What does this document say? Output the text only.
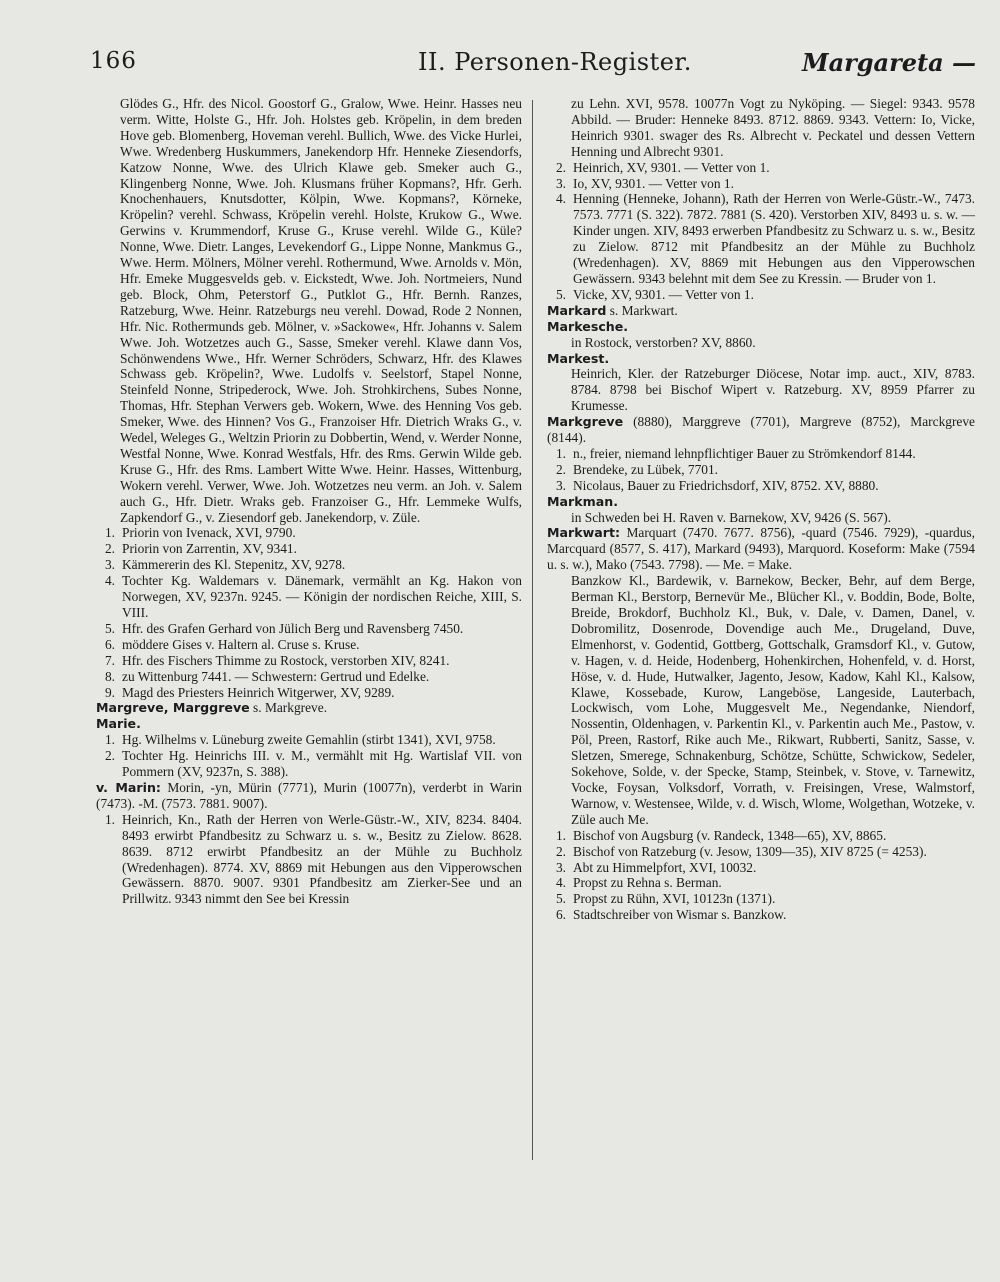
166	II. Personen-Register.	Margareta —

Glödes G., Hfr. des Nicol. Goostorf G., Gralow, Wwe. Heinr. Hasses neu verm. Witte, Holste G., Hfr. Joh. Holstes geb. Kröpelin, in dem breden Hove geb. Blomenberg, Hoveman verehl. Bullich, Wwe. des Vicke Hurlei, Wwe. Wredenberg Huskummers, Janekendorp Hfr. Henneke Ziesendorfs, Katzow Nonne, Wwe. des Ulrich Klawe geb. Smeker auch G., Klingenberg Nonne, Wwe. Joh. Klusmans früher Kopmans?, Hfr. Gerh. Knochenhauers, Knutsdotter, Kölpin, Wwe. Kopmans?, Körneke, Kröpelin? verehl. Schwass, Kröpelin verehl. Holste, Krukow G., Wwe. Gerwins v. Krummendorf, Kruse G., Kruse verehl. Wilde G., Küle? Nonne, Wwe. Dietr. Langes, Levekendorf G., Lippe Nonne, Mankmus G., Wwe. Herm. Mölners, Mölner verehl. Rothermund, Wwe. Arnolds v. Mön, Hfr. Emeke Muggesvelds geb. v. Eickstedt, Wwe. Joh. Nortmeiers, Nund geb. Block, Ohm, Peterstorf G., Putklot G., Hfr. Bernh. Ranzes, Ratzeburg, Wwe. Heinr. Ratzeburgs neu verehl. Dowad, Rode 2 Nonnen, Hfr. Nic. Rothermunds geb. Mölner, v. »Sackowe«, Hfr. Johanns v. Salem Wwe. Joh. Wotzetzes auch G., Sasse, Smeker verehl. Klawe dann Vos, Schönwendens Wwe., Hfr. Werner Schröders, Schwarz, Hfr. des Klawes Schwass geb. Kröpelin?, Wwe. Ludolfs v. Seelstorf, Stapel Nonne, Steinfeld Nonne, Stripederock, Wwe. Joh. Strohkirchens, Subes Nonne, Thomas, Hfr. Stephan Verwers geb. Wokern, Wwe. des Henning Vos geb. Smeker, Wwe. des Hinnen? Vos G., Franzoiser Hfr. Dietrich Wraks G., v. Wedel, Weleges G., Weltzin Priorin zu Dobbertin, Wend, v. Werder Nonne, Westfal Nonne, Wwe. Konrad Westfals, Hfr. des Rms. Gerwin Wilde geb. Kruse G., Hfr. des Rms. Lambert Witte Wwe. Heinr. Hasses, Wittenburg, Wokern verehl. Verwer, Wwe. Joh. Wotzetzes neu verm. an Joh. v. Salem auch G., Hfr. Dietr. Wraks geb. Franzoiser G., Hfr. Lemmeke Wulfs, Zapkendorf G., v. Ziesendorf geb. Janekendorp, v. Züle.

1. Priorin von Ivenack, XVI, 9790.
2. Priorin von Zarrentin, XV, 9341.
3. Kämmererin des Kl. Stepenitz, XV, 9278.
4. Tochter Kg. Waldemars v. Dänemark, vermählt an Kg. Hakon von Norwegen, XV, 9237n. 9245. — Königin der nordischen Reiche, XIII, S. VIII.
5. Hfr. des Grafen Gerhard von Jülich Berg und Ravensberg 7450.
6. möddere Gises v. Haltern al. Cruse s. Kruse.
7. Hfr. des Fischers Thimme zu Rostock, verstorben XIV, 8241.
8. zu Wittenburg 7441. — Schwestern: Gertrud und Edelke.
9. Magd des Priesters Heinrich Witgerwer, XV, 9289.

Margreve, Marggreve s. Markgreve.

Marie.

1. Hg. Wilhelms v. Lüneburg zweite Gemahlin (stirbt 1341), XVI, 9758.
2. Tochter Hg. Heinrichs III. v. M., vermählt mit Hg. Wartislaf VII. von Pommern (XV, 9237n, S. 388).

v. Marin: Morin, -yn, Mürin (7771), Murin (10077n), verderbt in Warin (7473). -M. (7573. 7881. 9007).

1. Heinrich, Kn., Rath der Herren von Werle-Güstr.-W., XIV, 8234. 8404. 8493 erwirbt Pfandbesitz zu Schwarz u. s. w., Besitz zu Zielow. 8628. 8639. 8712 erwirbt Pfandbesitz an der Mühle zu Buchholz (Wredenhagen). 8774. XV, 8869 mit Hebungen aus den Vipperowschen Gewässern. 8870. 9007. 9301 Pfandbesitz am Zierker-See und an Prillwitz. 9343 nimmt den See bei Kressin

zu Lehn. XVI, 9578. 10077n Vogt zu Nyköping. — Siegel: 9343. 9578 Abbild. — Bruder: Henneke 8493. 8712. 8869. 9343. Vettern: Io, Vicke, Heinrich 9301. swager des Rs. Albrecht v. Peckatel und dessen Vettern Henning und Albrecht 9301.

2. Heinrich, XV, 9301. — Vetter von 1.
3. Io, XV, 9301. — Vetter von 1.
4. Henning (Henneke, Johann), Rath der Herren von Werle-Güstr.-W., 7473. 7573. 7771 (S. 322). 7872. 7881 (S. 420). Verstorben XIV, 8493 u. s. w. — Kinder ungen. XIV, 8493 erwerben Pfandbesitz zu Schwarz u. s. w., Besitz zu Zielow. 8712 mit Pfandbesitz an der Mühle zu Buchholz (Wredenhagen). XV, 8869 mit Hebungen aus den Vipperowschen Gewässern. 9343 belehnt mit dem See zu Kressin. — Bruder von 1.
5. Vicke, XV, 9301. — Vetter von 1.

Markard s. Markwart.

Markesche.

in Rostock, verstorben? XV, 8860.

Markest.

Heinrich, Kler. der Ratzeburger Diöcese, Notar imp. auct., XIV, 8783. 8784. 8798 bei Bischof Wipert v. Ratzeburg. XV, 8959 Pfarrer zu Krumesse.

Markgreve (8880), Marggreve (7701), Margreve (8752), Marckgreve (8144).

1. n., freier, niemand lehnpflichtiger Bauer zu Strömkendorf 8144.
2. Brendeke, zu Lübek, 7701.
3. Nicolaus, Bauer zu Friedrichsdorf, XIV, 8752. XV, 8880.

Markman.

in Schweden bei H. Raven v. Barnekow, XV, 9426 (S. 567).

Markwart: Marquart (7470. 7677. 8756), -quard (7546. 7929), -quardus, Marcquard (8577, S. 417), Markard (9493), Marquord. Koseform: Make (7594 u. s. w.), Mako (7543. 7798). — Me. = Make.

Banzkow Kl., Bardewik, v. Barnekow, Becker, Behr, auf dem Berge, Berman Kl., Berstorp, Bernevür Me., Blücher Kl., v. Boddin, Bode, Bolte, Breide, Brokdorf, Buchholz Kl., Buk, v. Dale, v. Damen, Danel, v. Dobromilitz, Dosenrode, Dovendige auch Me., Drugeland, Duve, Elmenhorst, v. Godentid, Gottberg, Gottschalk, Gramsdorf Kl., v. Gutow, v. Hagen, v. d. Heide, Hodenberg, Hohenkirchen, Hohenfeld, v. d. Horst, Höse, v. d. Hude, Hutwalker, Jagento, Jesow, Kadow, Kahl Kl., Kalsow, Klawe, Kossebade, Kurow, Langeböse, Langeside, Lauterbach, Lockwisch, vom Lohe, Muggesvelt Me., Negendanke, Niendorf, Nossentin, Oldenhagen, v. Parkentin Kl., v. Parkentin auch Me., Pastow, v. Pöl, Preen, Rastorf, Rike auch Me., Rikwart, Rubberti, Sanitz, Sasse, v. Sletzen, Smerege, Schnakenburg, Schötze, Schütte, Schwickow, Sedeler, Sokehove, Solde, v. der Specke, Stamp, Steinbek, v. Stove, v. Tarnewitz, Vocke, Foysan, Volksdorf, Vorrath, v. Freisingen, Vrese, Walmstorf, Warnow, v. Westensee, Wilde, v. d. Wisch, Wlome, Wolgethan, Wotzeke, v. Züle auch Me.

1. Bischof von Augsburg (v. Randeck, 1348—65), XV, 8865.
2. Bischof von Ratzeburg (v. Jesow, 1309—35), XIV 8725 (= 4253).
3. Abt zu Himmelpfort, XVI, 10032.
4. Propst zu Rehna s. Berman.
5. Propst zu Rühn, XVI, 10123n (1371).
6. Stadtschreiber von Wismar s. Banzkow.
